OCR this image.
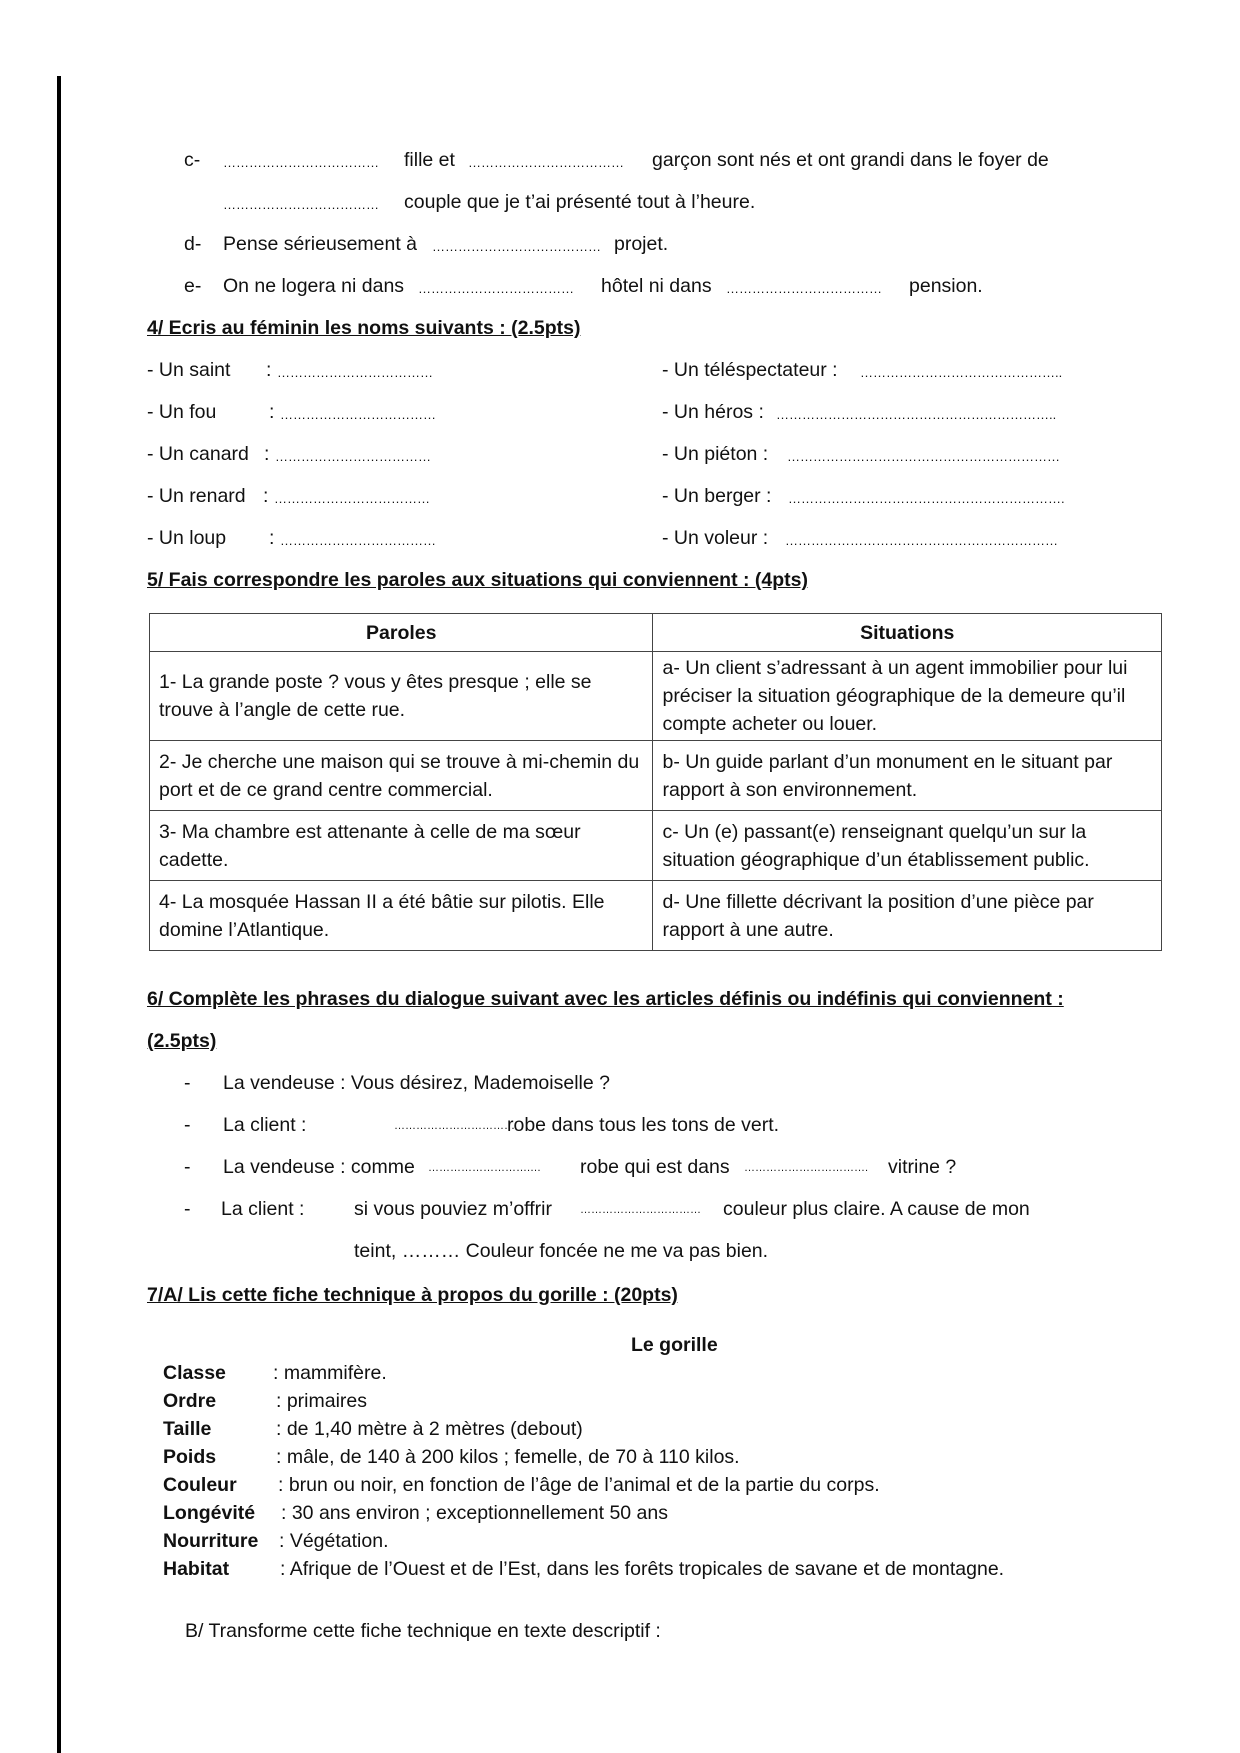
c- ……………………………… fille et ……………………………… garçon sont nés et ont grandi dans le foyer de
……………………………… couple que je t’ai présenté tout à l’heure.
d- Pense sérieusement à ………………………………… projet.
e- On ne logera ni dans ……………………………… hôtel ni dans ……………………………… pension.
4/ Ecris au féminin les noms suivants : (2.5pts)
- Un saint : ………………………………
- Un fou	: ………………………………
- Un canard : ………………………………
- Un renard : ………………………………
- Un loup : ………………………………
- Un téléspectateur : ………………………………………..
- Un héros : ………………………………………………………..
- Un piéton : ………………………………………………………
- Un berger : ……………………………………………………….
- Un voleur : ………………………………………………………
5/ Fais correspondre les paroles aux situations qui conviennent : (4pts)
Paroles	Situations
1- La grande poste ? vous y êtes presque ; elle se trouve à l’angle de cette rue.	a- Un client s’adressant à un agent immobilier pour lui préciser la situation géographique de la demeure qu’il compte acheter ou louer.
2- Je cherche une maison qui se trouve à mi-chemin du port et de ce grand centre commercial.	b- Un guide parlant d’un monument en le situant par rapport à son environnement.
3- Ma chambre est attenante à celle de ma sœur cadette.	c- Un (e) passant(e) renseignant quelqu’un sur la situation géographique d’un établissement public.
4- La mosquée Hassan II a été bâtie sur pilotis. Elle domine l’Atlantique.	d- Une fillette décrivant la position d’une pièce par rapport à une autre.
6/ Complète les phrases du dialogue suivant avec les articles définis ou indéfinis qui conviennent :
(2.5pts)
- La vendeuse : Vous désirez, Mademoiselle ?
- La client :	……………………………
robe dans tous les tons de vert.
- La vendeuse : comme ……………………….… robe qui est dans ……………………………. vitrine ?
- La client :	si vous pouviez m’offrir	…………………………… couleur plus claire. A cause de mon
teint, ……… Couleur foncée ne me va pas bien.
7/A/ Lis cette fiche technique à propos du gorille : (20pts)
Le gorille
Classe : mammifère.
Ordre	: primaires
Taille	: de 1,40 mètre à 2 mètres (debout)
Poids	: mâle, de 140 à 200 kilos ; femelle, de 70 à 110 kilos.
Couleur : brun ou noir, en fonction de l’âge de l’animal et de la partie du corps.
Longévité : 30 ans environ ; exceptionnellement 50 ans
Nourriture : Végétation.
Habitat	: Afrique de l’Ouest et de l’Est, dans les forêts tropicales de savane et de montagne.
B/ Transforme cette fiche technique en texte descriptif :
